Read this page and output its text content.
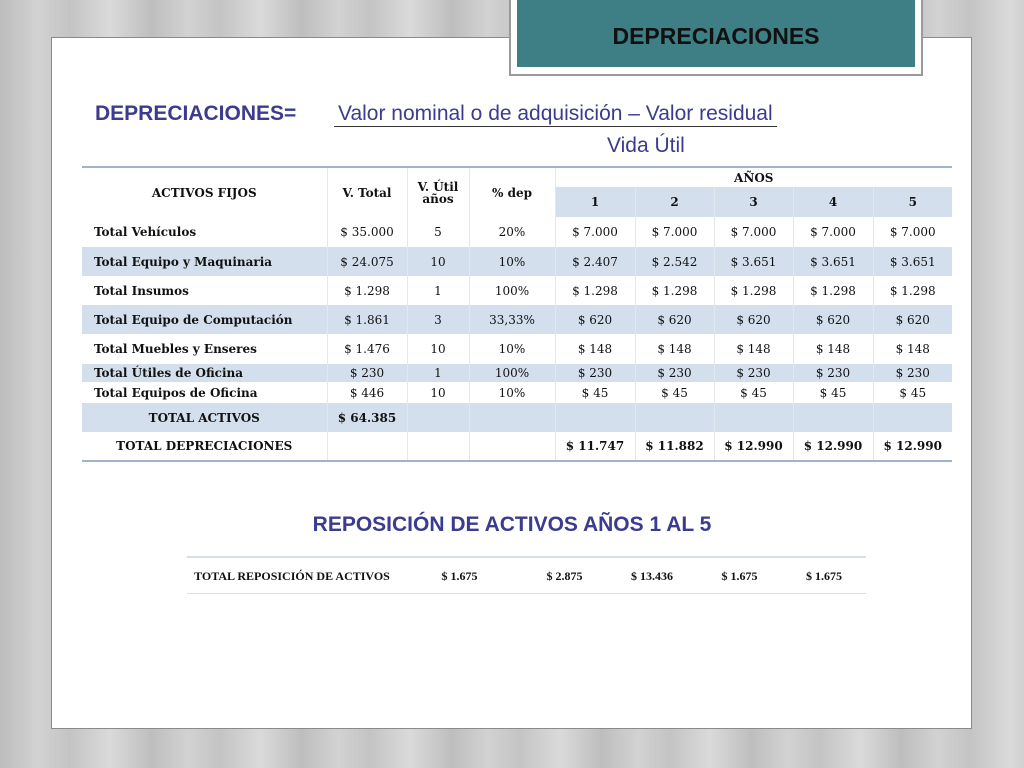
DEPRECIACIONES
DEPRECIACIONES= Valor nominal o de adquisición – Valor residual
Vida Útil
ACTIVOS FIJOS	V. Total	V. Útil años	% dep	AÑOS				
				1	2	3	4	5
Total Vehículos	$ 35.000	5	20%	$ 7.000	$ 7.000	$ 7.000	$ 7.000	$ 7.000
Total Equipo y Maquinaria	$ 24.075	10	10%	$ 2.407	$ 2.542	$ 3.651	$ 3.651	$ 3.651
Total Insumos	$ 1.298	1	100%	$ 1.298	$ 1.298	$ 1.298	$ 1.298	$ 1.298
Total Equipo de Computación	$ 1.861	3	33,33%	$ 620	$ 620	$ 620	$ 620	$ 620
Total Muebles y Enseres	$ 1.476	10	10%	$ 148	$ 148	$ 148	$ 148	$ 148
Total Útiles de Oficina	$ 230	1	100%	$ 230	$ 230	$ 230	$ 230	$ 230
Total Equipos de Oficina	$ 446	10	10%	$ 45	$ 45	$ 45	$ 45	$ 45
TOTAL ACTIVOS	$ 64.385							
TOTAL DEPRECIACIONES				$ 11.747	$ 11.882	$ 12.990	$ 12.990	$ 12.990
REPOSICIÓN DE ACTIVOS AÑOS 1 AL 5
TOTAL REPOSICIÓN DE ACTIVOS	$ 1.675	$ 2.875	$ 13.436	$ 1.675	$ 1.675
